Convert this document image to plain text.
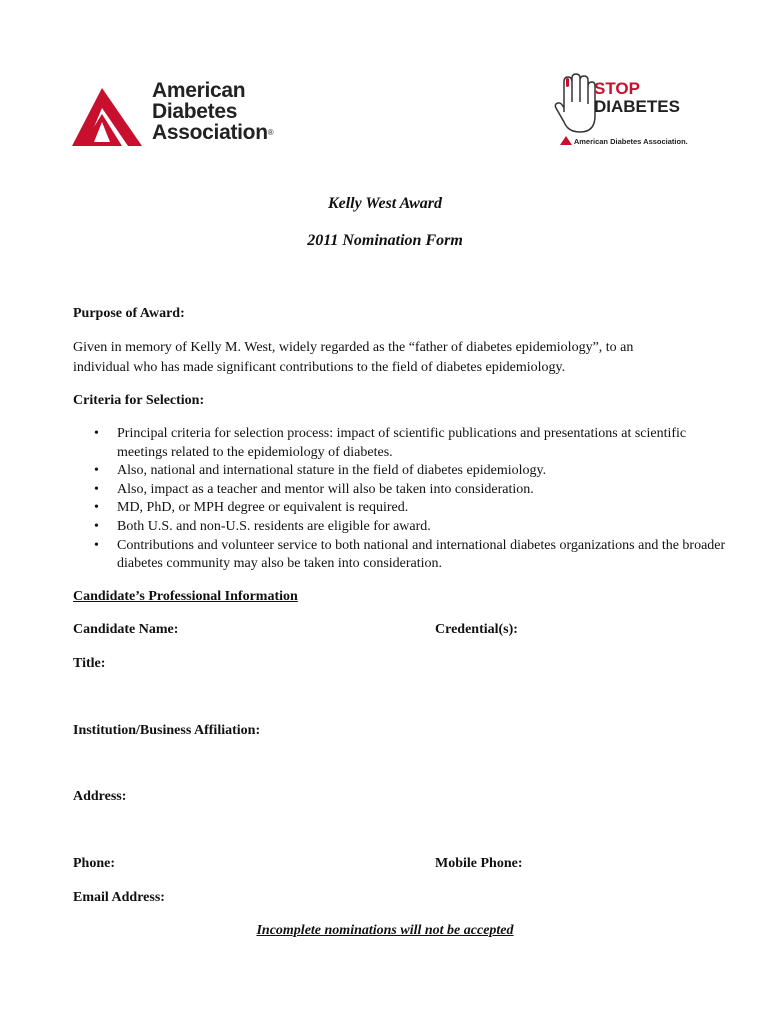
American
Diabetes
Association®
STOP
DIABETES
American Diabetes Association.
Kelly West Award
2011 Nomination Form
Purpose of Award:
Given in memory of Kelly M. West, widely regarded as the “father of diabetes epidemiology”, to an
individual who has made significant contributions to the field of diabetes epidemiology.
Criteria for Selection:
• Principal criteria for selection process: impact of scientific publications and presentations at scientific meetings related to the epidemiology of diabetes.
• Also, national and international stature in the field of diabetes epidemiology.
• Also, impact as a teacher and mentor will also be taken into consideration.
• MD, PhD, or MPH degree or equivalent is required.
• Both U.S. and non-U.S. residents are eligible for award.
• Contributions and volunteer service to both national and international diabetes organizations and the broader diabetes community may also be taken into consideration.
Candidate’s Professional Information
Candidate Name:	Credential(s):
Title:
Institution/Business Affiliation:
Address:
Phone:	Mobile Phone:
Email Address:
Incomplete nominations will not be accepted
